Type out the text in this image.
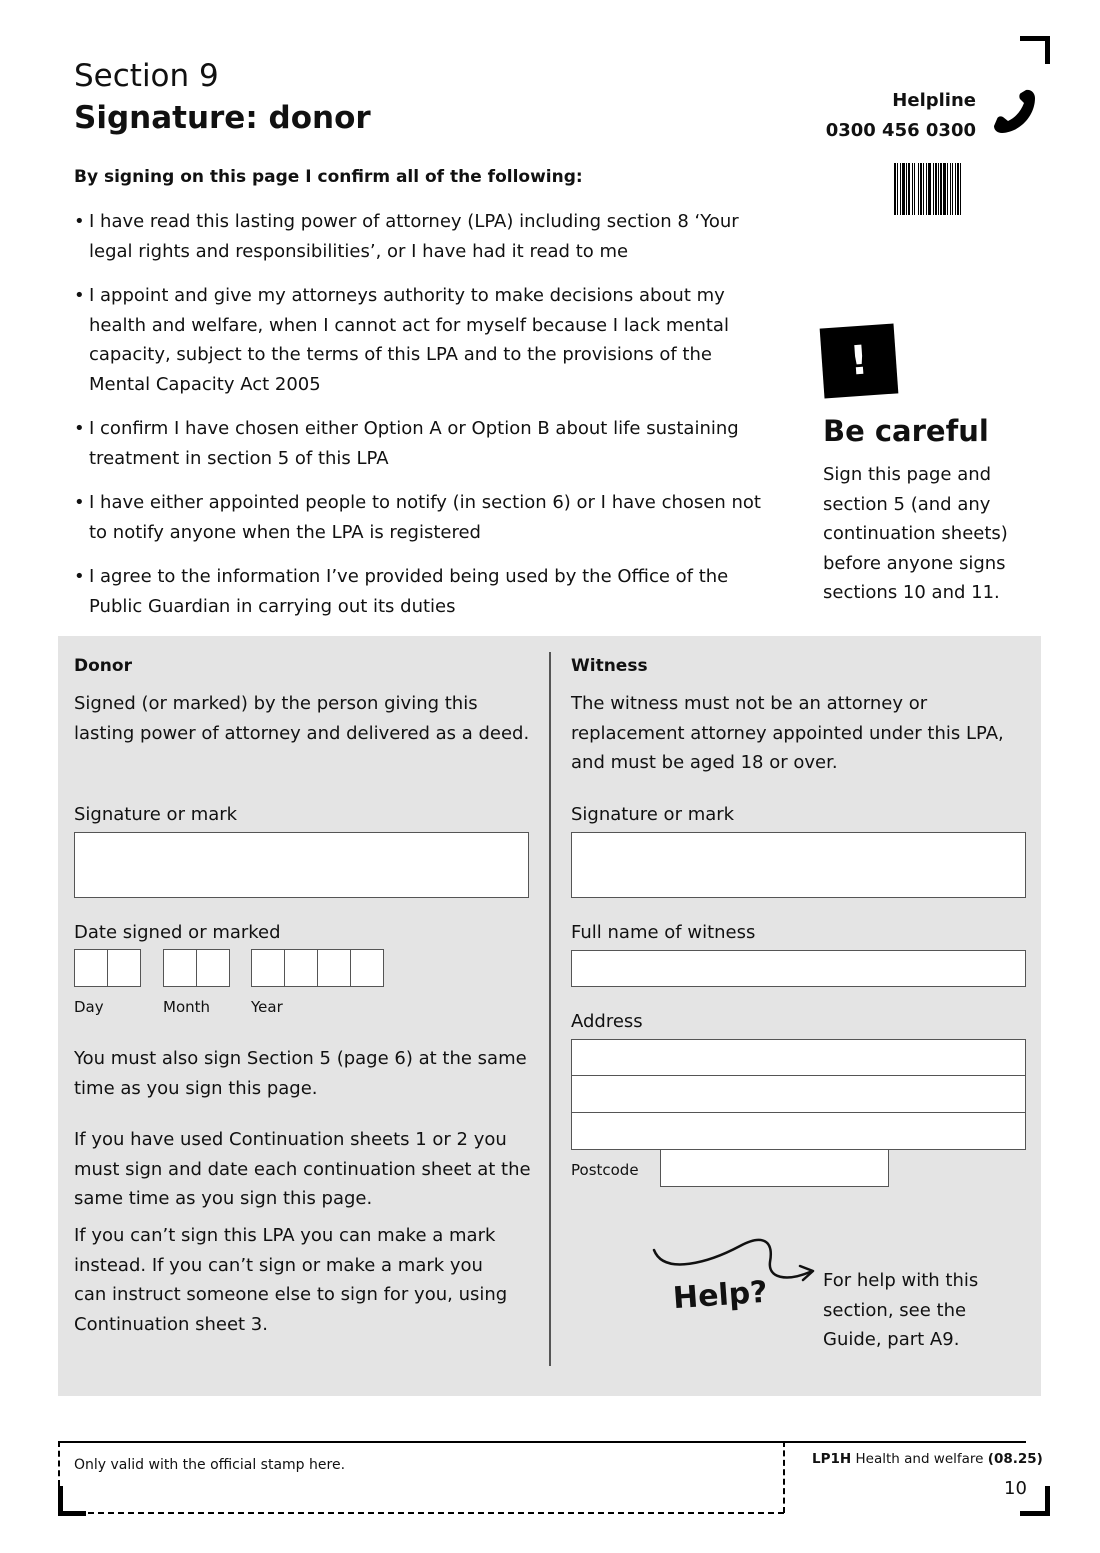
Section 9
Signature: donor	Helpline
0300 456 0300
By signing on this page I confirm all of the following:
• I have read this lasting power of attorney (LPA) including section 8 ‘Your legal rights and responsibilities’, or I have had it read to me
• I appoint and give my attorneys authority to make decisions about my health and welfare, when I cannot act for myself because I lack mental capacity, subject to the terms of this LPA and to the provisions of the Mental Capacity Act 2005
• I confirm I have chosen either Option A or Option B about life sustaining treatment in section 5 of this LPA
• I have either appointed people to notify (in section 6) or I have chosen not to notify anyone when the LPA is registered
• I agree to the information I’ve provided being used by the Office of the Public Guardian in carrying out its duties
!
Be careful
Sign this page and section 5 (and any continuation sheets) before anyone signs sections 10 and 11.
Donor
Signed (or marked) by the person giving this lasting power of attorney and delivered as a deed.
Signature or mark
Date signed or marked
Day	Month	Year
You must also sign Section 5 (page 6) at the same time as you sign this page.
If you have used Continuation sheets 1 or 2 you must sign and date each continuation sheet at the same time as you sign this page.
If you can’t sign this LPA you can make a mark instead. If you can’t sign or make a mark you can instruct someone else to sign for you, using Continuation sheet 3.
Witness
The witness must not be an attorney or replacement attorney appointed under this LPA, and must be aged 18 or over.
Signature or mark
Full name of witness
Address
Postcode
Help?	For help with this section, see the Guide, part A9.
Only valid with the official stamp here.	LP1H Health and welfare (08.25)
10
